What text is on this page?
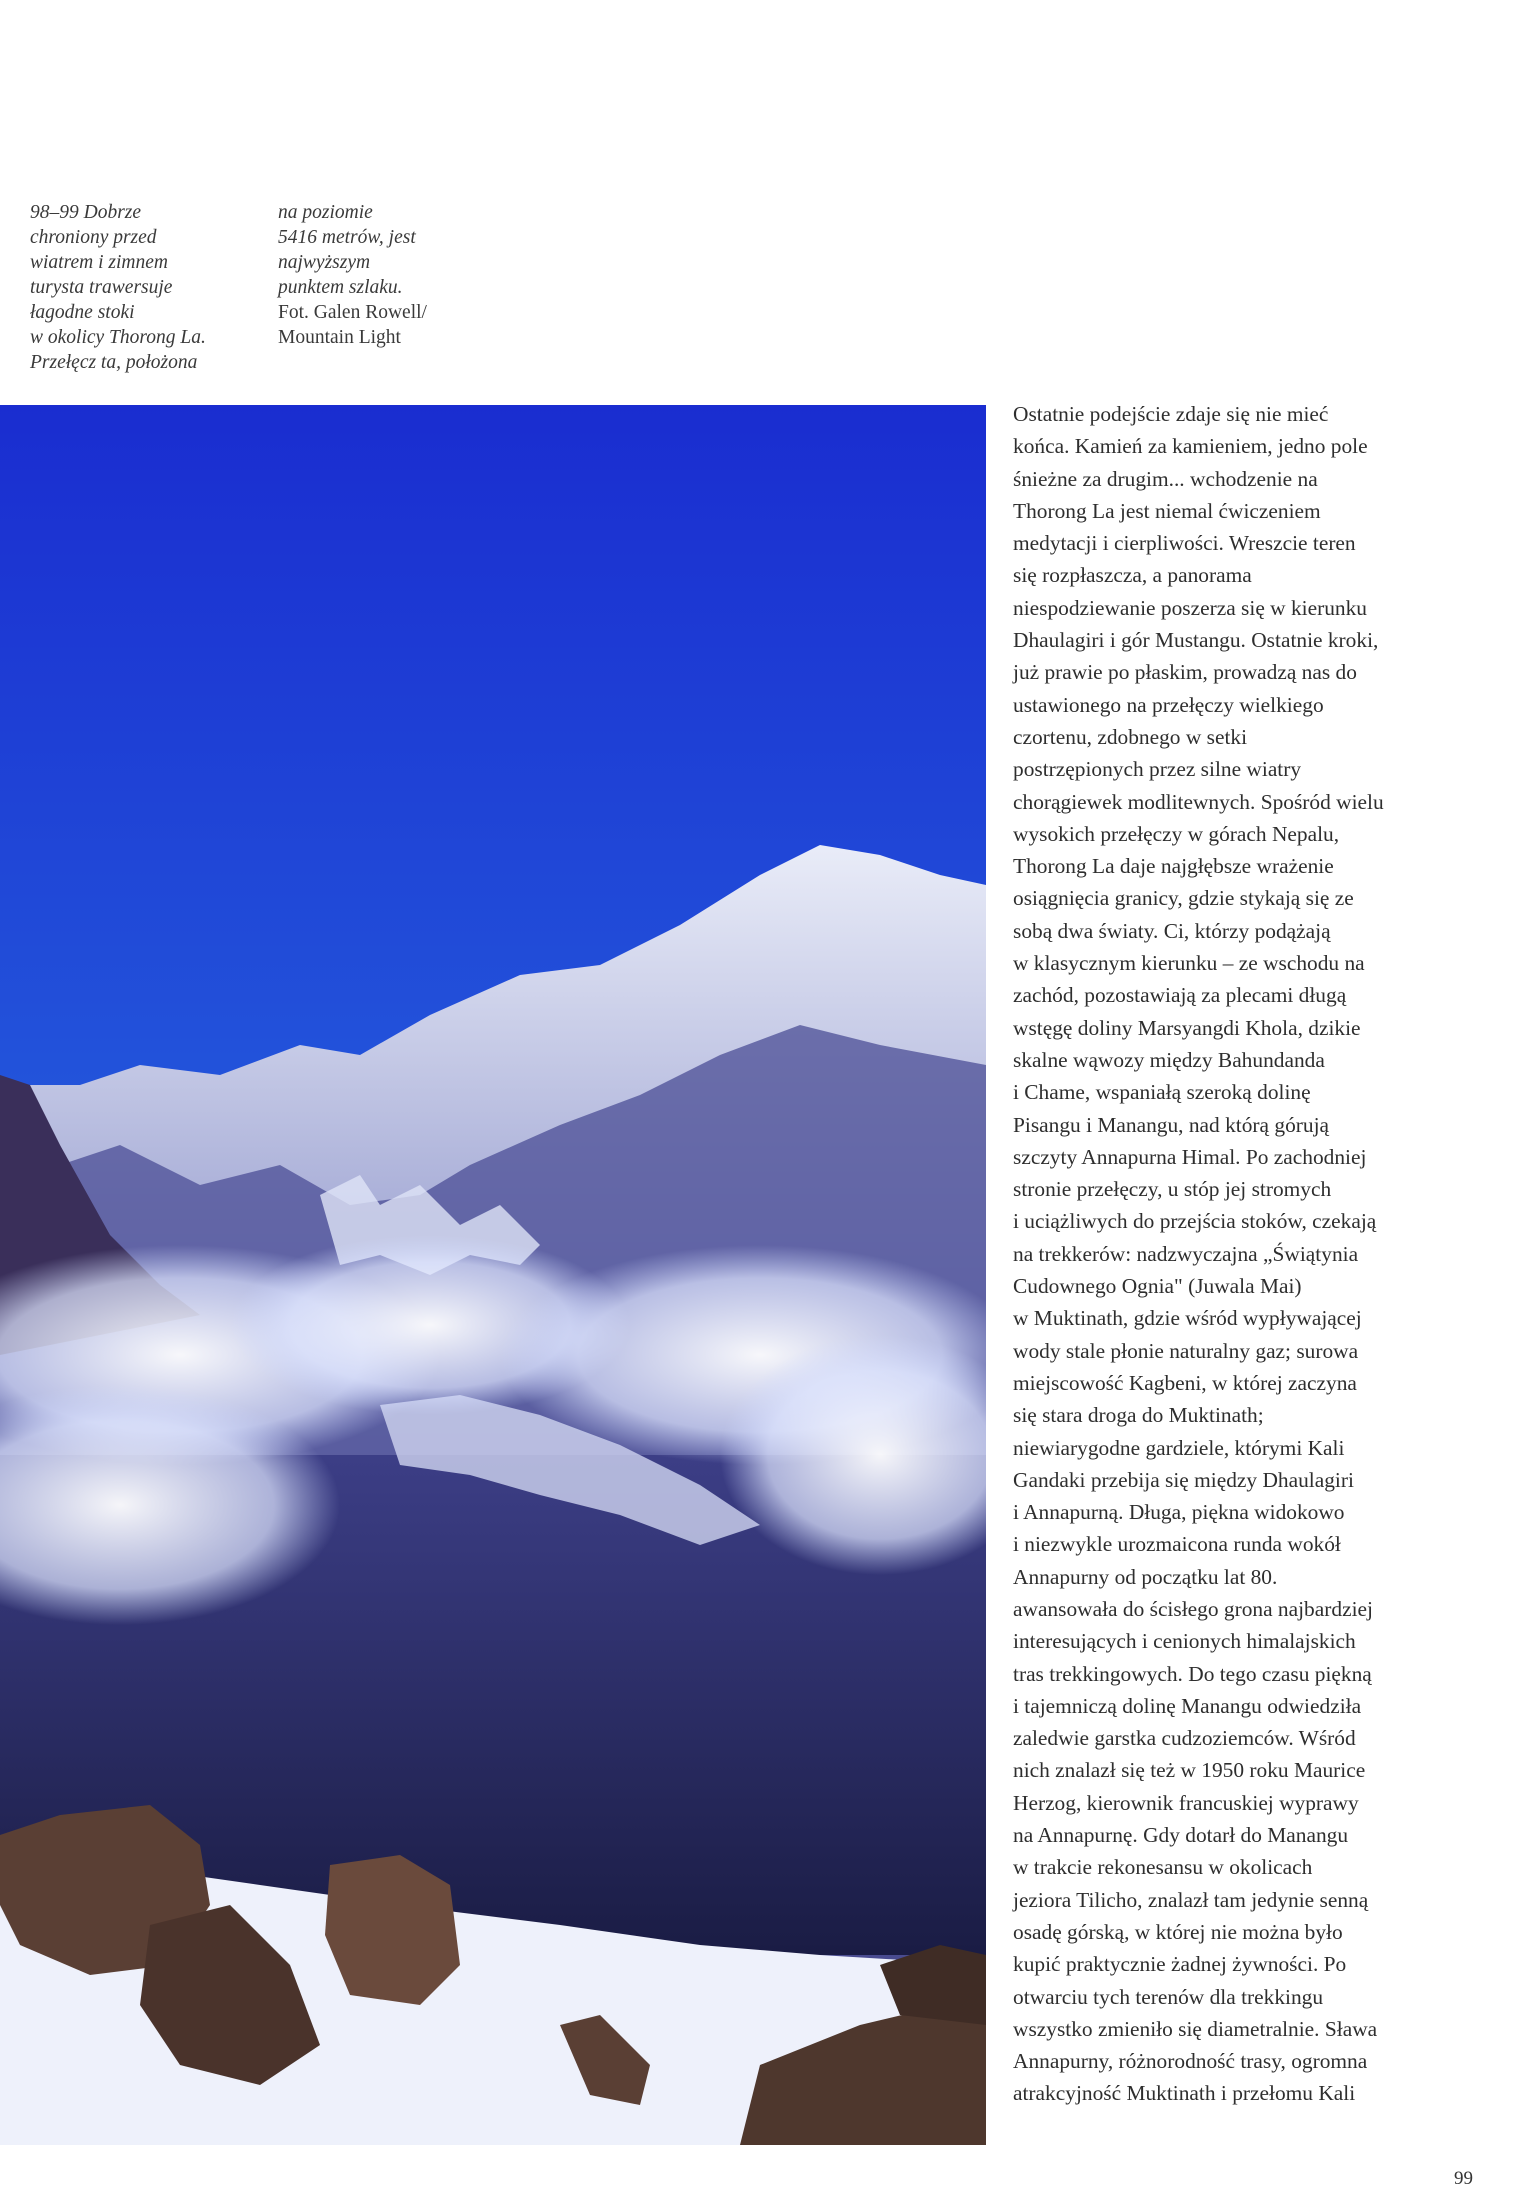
98–99 Dobrze
chroniony przed
wiatrem i zimnem
turysta trawersuje
łagodne stoki
w okolicy Thorong La.
Przełęcz ta, położona
na poziomie
5416 metrów, jest
najwyższym
punktem szlaku.
Fot. Galen Rowell/
Mountain Light
Ostatnie podejście zdaje się nie mieć
końca. Kamień za kamieniem, jedno pole
śnieżne za drugim... wchodzenie na
Thorong La jest niemal ćwiczeniem
medytacji i cierpliwości. Wreszcie teren
się rozpłaszcza, a panorama
niespodziewanie poszerza się w kierunku
Dhaulagiri i gór Mustangu. Ostatnie kroki,
już prawie po płaskim, prowadzą nas do
ustawionego na przełęczy wielkiego
czortenu, zdobnego w setki
postrzępionych przez silne wiatry
chorągiewek modlitewnych. Spośród wielu
wysokich przełęczy w górach Nepalu,
Thorong La daje najgłębsze wrażenie
osiągnięcia granicy, gdzie stykają się ze
sobą dwa światy. Ci, którzy podążają
w klasycznym kierunku – ze wschodu na
zachód, pozostawiają za plecami długą
wstęgę doliny Marsyangdi Khola, dzikie
skalne wąwozy między Bahundanda
i Chame, wspaniałą szeroką dolinę
Pisangu i Manangu, nad którą górują
szczyty Annapurna Himal. Po zachodniej
stronie przełęczy, u stóp jej stromych
i uciążliwych do przejścia stoków, czekają
na trekkerów: nadzwyczajna „Świątynia
Cudownego Ognia" (Juwala Mai)
w Muktinath, gdzie wśród wypływającej
wody stale płonie naturalny gaz; surowa
miejscowość Kagbeni, w której zaczyna
się stara droga do Muktinath;
niewiarygodne gardziele, którymi Kali
Gandaki przebija się między Dhaulagiri
i Annapurną. Długa, piękna widokowo
i niezwykle urozmaicona runda wokół
Annapurny od początku lat 80.
awansowała do ścisłego grona najbardziej
interesujących i cenionych himalajskich
tras trekkingowych. Do tego czasu piękną
i tajemniczą dolinę Manangu odwiedziła
zaledwie garstka cudzoziemców. Wśród
nich znalazł się też w 1950 roku Maurice
Herzog, kierownik francuskiej wyprawy
na Annapurnę. Gdy dotarł do Manangu
w trakcie rekonesansu w okolicach
jeziora Tilicho, znalazł tam jedynie senną
osadę górską, w której nie można było
kupić praktycznie żadnej żywności. Po
otwarciu tych terenów dla trekkingu
wszystko zmieniło się diametralnie. Sława
Annapurny, różnorodność trasy, ogromna
atrakcyjność Muktinath i przełomu Kali
99
